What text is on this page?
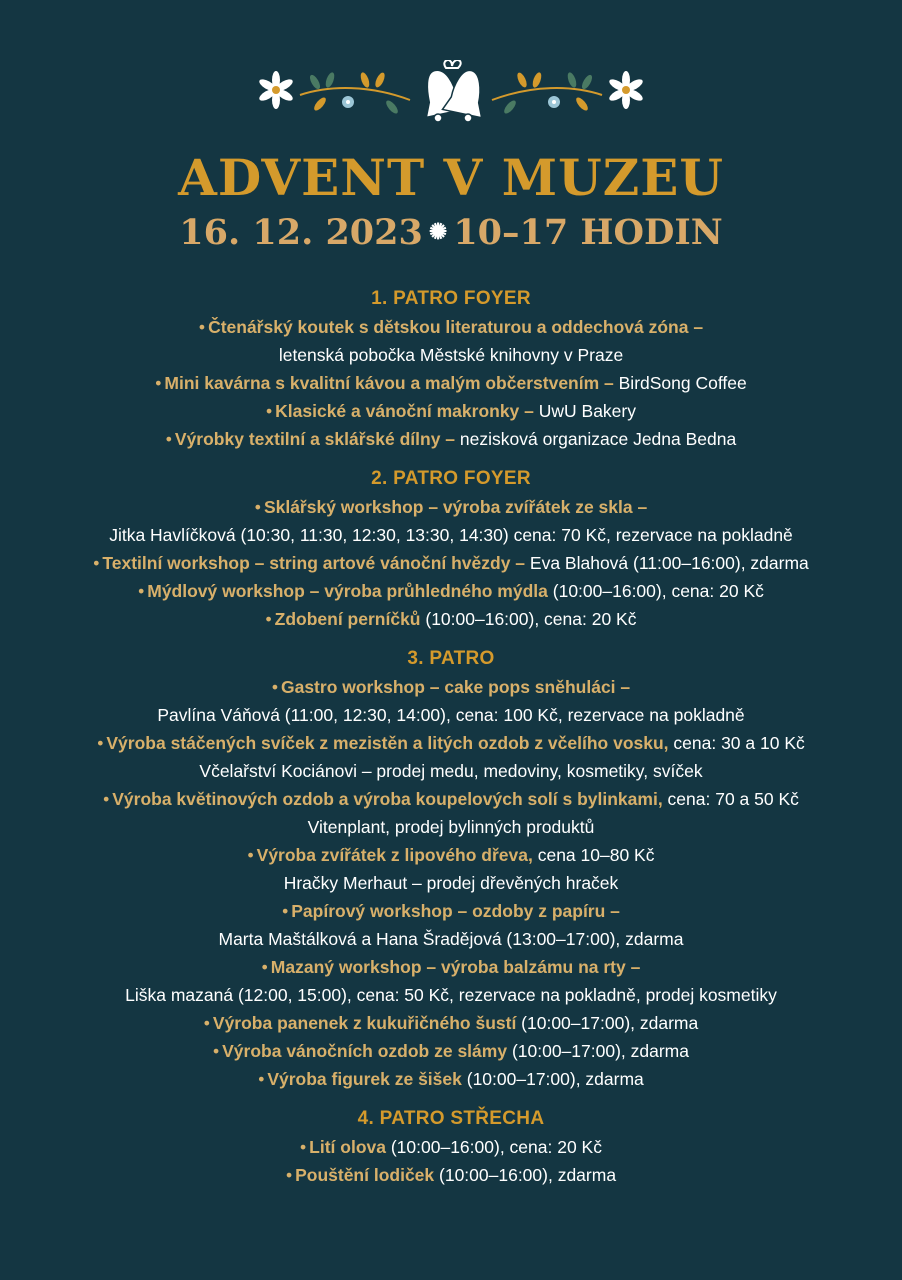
ADVENT V MUZEU
16. 12. 2023 ✺ 10–17 HODIN
1. PATRO FOYER
• Čtenářský koutek s dětskou literaturou a oddechová zóna –
letenská pobočka Městské knihovny v Praze
• Mini kavárna s kvalitní kávou a malým občerstvením – BirdSong Coffee
• Klasické a vánoční makronky – UwU Bakery
• Výrobky textilní a sklářské dílny – nezisková organizace Jedna Bedna
2. PATRO FOYER
• Sklářský workshop – výroba zvířátek ze skla –
Jitka Havlíčková (10:30, 11:30, 12:30, 13:30, 14:30) cena: 70 Kč, rezervace na pokladně
• Textilní workshop – string artové vánoční hvězdy – Eva Blahová (11:00–16:00), zdarma
• Mýdlový workshop – výroba průhledného mýdla (10:00–16:00), cena: 20 Kč
• Zdobení perníčků (10:00–16:00), cena: 20 Kč
3. PATRO
• Gastro workshop – cake pops sněhuláci –
Pavlína Váňová (11:00, 12:30, 14:00), cena: 100 Kč, rezervace na pokladně
• Výroba stáčených svíček z mezistěn a litých ozdob z včelího vosku, cena: 30 a 10 Kč
Včelařství Kociánovi – prodej medu, medoviny, kosmetiky, svíček
• Výroba květinových ozdob a výroba koupelových solí s bylinkami, cena: 70 a 50 Kč
Vitenplant, prodej bylinných produktů
• Výroba zvířátek z lipového dřeva, cena 10–80 Kč
Hračky Merhaut – prodej dřevěných hraček
• Papírový workshop – ozdoby z papíru –
Marta Maštálková a Hana Šradějová (13:00–17:00), zdarma
• Mazaný workshop – výroba balzámu na rty –
Liška mazaná (12:00, 15:00), cena: 50 Kč, rezervace na pokladně, prodej kosmetiky
• Výroba panenek z kukuřičného šustí (10:00–17:00), zdarma
• Výroba vánočních ozdob ze slámy (10:00–17:00), zdarma
• Výroba figurek ze šišek (10:00–17:00), zdarma
4. PATRO STŘECHA
• Lití olova (10:00–16:00), cena: 20 Kč
• Pouštění lodiček (10:00–16:00), zdarma
